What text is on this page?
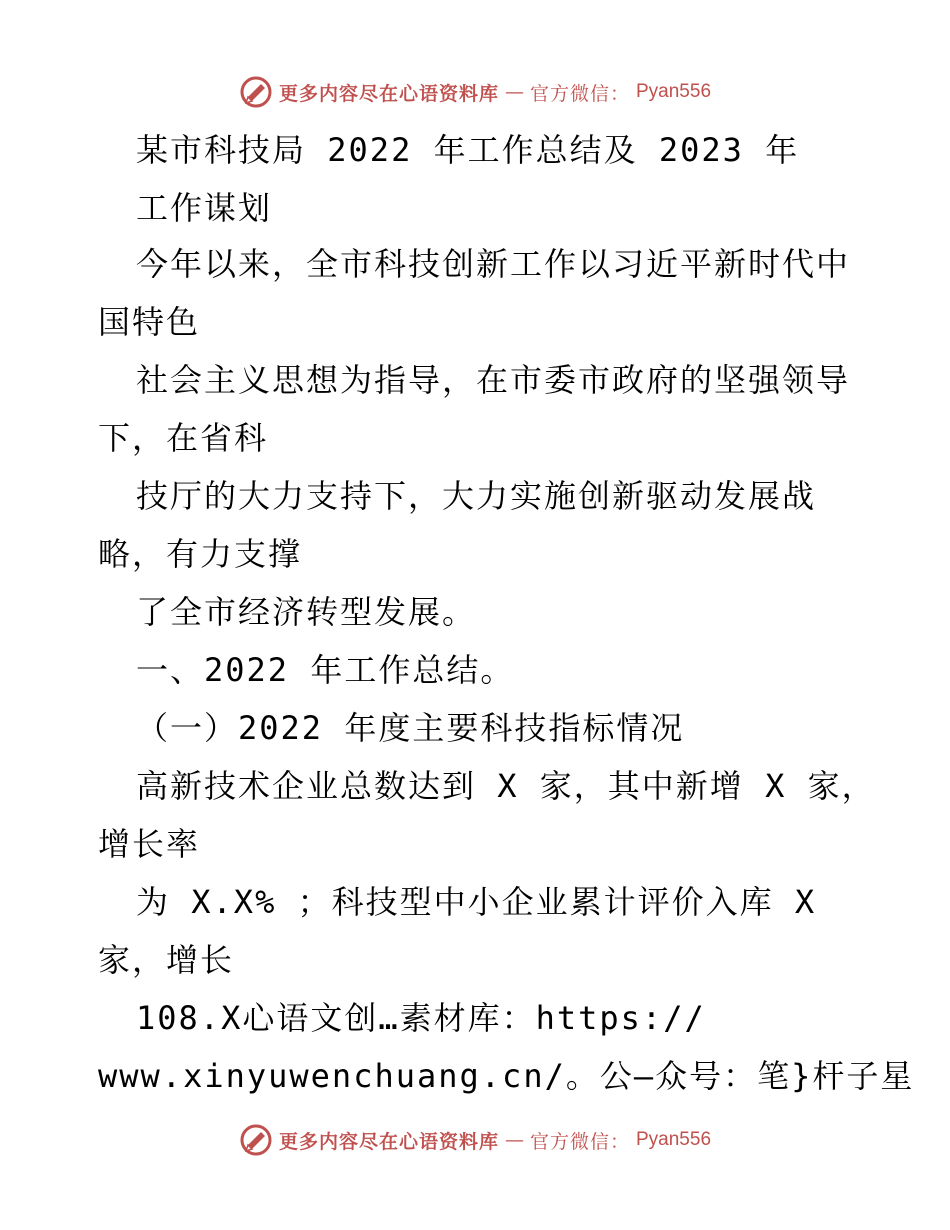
更多内容尽在心语资料库 — 官方微信： Pyan556
某市科技局 2022 年工作总结及 2023 年
工作谋划
今年以来，全市科技创新工作以习近平新时代中
国特色
社会主义思想为指导，在市委市政府的坚强领导
下，在省科
技厅的大力支持下，大力实施创新驱动发展战
略，有力支撑
了全市经济转型发展。
一、2022 年工作总结。
（一）2022 年度主要科技指标情况
高新技术企业总数达到 X 家，其中新增 X 家，
增长率
为 X.X% ；科技型中小企业累计评价入库 X
家，增长
108.X心语文创…素材库：https://
www.xinyuwenchuang.cn/。公—众号：笔}杆子星
更多内容尽在心语资料库 — 官方微信： Pyan556
